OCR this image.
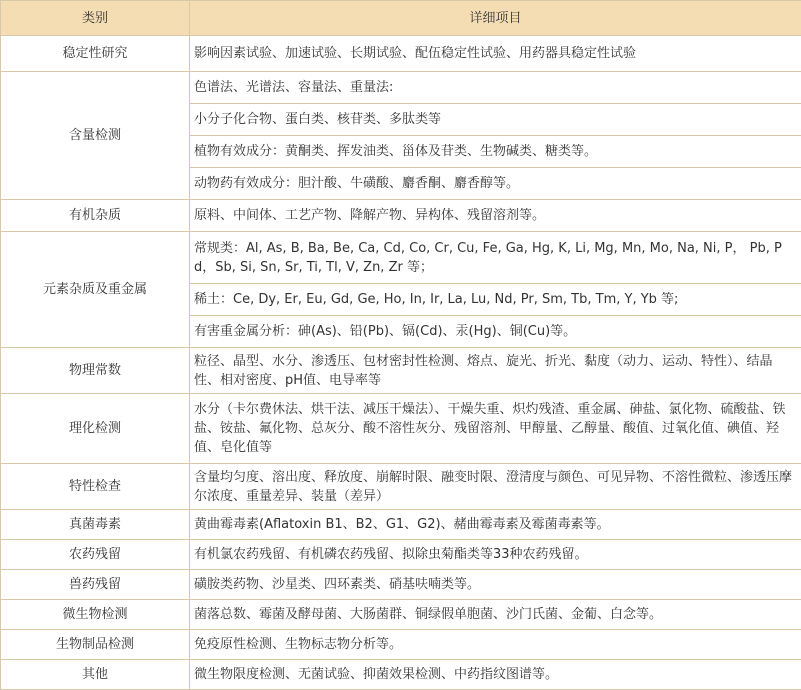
类别	详细项目
稳定性研究	影响因素试验、加速试验、长期试验、配伍稳定性试验、用药器具稳定性试验
含量检测	色谱法、光谱法、容量法、重量法:
	小分子化合物、蛋白类、核苷类、多肽类等
	植物有效成分：黄酮类、挥发油类、甾体及苷类、生物碱类、糖类等。
	动物药有效成分：胆汁酸、牛磺酸、麝香酮、麝香醇等。
有机杂质	原料、中间体、工艺产物、降解产物、异构体、残留溶剂等。
元素杂质及重金属	常规类：Al, As, B, Ba, Be, Ca, Cd, Co, Cr, Cu, Fe, Ga, Hg, K, Li, Mg, Mn, Mo, Na, Ni, P， Pb, Pd，Sb, Si, Sn, Sr, Ti, Tl, V, Zn, Zr 等；
	稀土：Ce, Dy, Er, Eu, Gd, Ge, Ho, In, Ir, La, Lu, Nd, Pr, Sm, Tb, Tm, Y, Yb 等;
	有害重金属分析：砷(As)、铅(Pb)、镉(Cd)、汞(Hg)、铜(Cu)等。
物理常数	粒径、晶型、水分、渗透压、包材密封性检测、熔点、旋光、折光、黏度（动力、运动、特性）、结晶性、相对密度、pH值、电导率等
理化检测	水分（卡尔费休法、烘干法、减压干燥法）、干燥失重、炽灼残渣、重金属、砷盐、氯化物、硫酸盐、铁盐、铵盐、氟化物、总灰分、酸不溶性灰分、残留溶剂、甲醇量、乙醇量、酸值、过氧化值、碘值、羟值、皂化值等
特性检查	含量均匀度、溶出度、释放度、崩解时限、融变时限、澄清度与颜色、可见异物、不溶性微粒、渗透压摩尔浓度、重量差异、装量（差异）
真菌毒素	黄曲霉毒素(Aflatoxin B1、B2、G1、G2)、赭曲霉毒素及霉菌毒素等。
农药残留	有机氯农药残留、有机磷农药残留、拟除虫菊酯类等33种农药残留。
兽药残留	磺胺类药物、沙星类、四环素类、硝基呋喃类等。
微生物检测	菌落总数、霉菌及酵母菌、大肠菌群、铜绿假单胞菌、沙门氏菌、金葡、白念等。
生物制品检测	免疫原性检测、生物标志物分析等。
其他	微生物限度检测、无菌试验、抑菌效果检测、中药指纹图谱等。
